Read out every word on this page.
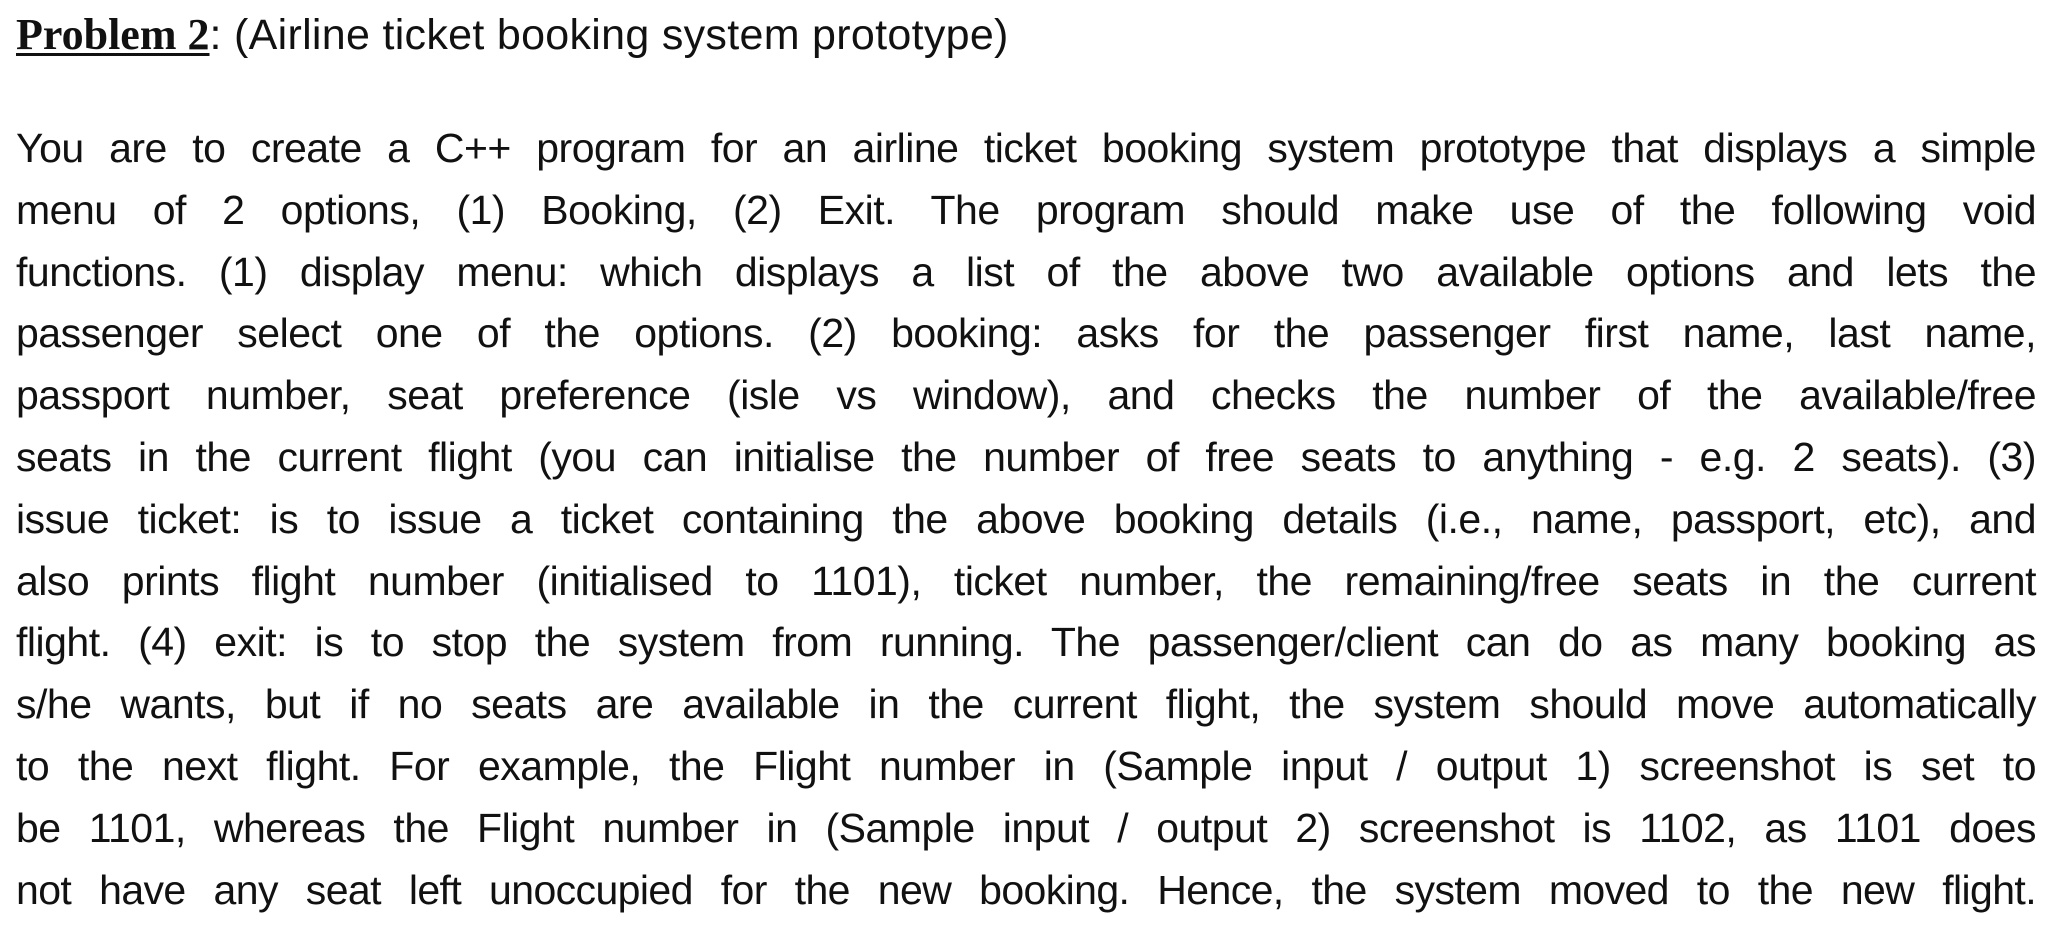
Problem 2: (Airline ticket booking system prototype)
You are to create a C++ program for an airline ticket booking system prototype that displays a simple
menu of 2 options, (1) Booking, (2) Exit. The program should make use of the following void
functions. (1) display menu: which displays a list of the above two available options and lets the
passenger select one of the options. (2) booking: asks for the passenger first name, last name,
passport number, seat preference (isle vs window), and checks the number of the available/free
seats in the current flight (you can initialise the number of free seats to anything - e.g. 2 seats). (3)
issue ticket: is to issue a ticket containing the above booking details (i.e., name, passport, etc), and
also prints flight number (initialised to 1101), ticket number, the remaining/free seats in the current
flight. (4) exit: is to stop the system from running. The passenger/client can do as many booking as
s/he wants, but if no seats are available in the current flight, the system should move automatically
to the next flight. For example, the Flight number in (Sample input / output 1) screenshot is set to
be 1101, whereas the Flight number in (Sample input / output 2) screenshot is 1102, as 1101 does
not have any seat left unoccupied for the new booking. Hence, the system moved to the new flight.
